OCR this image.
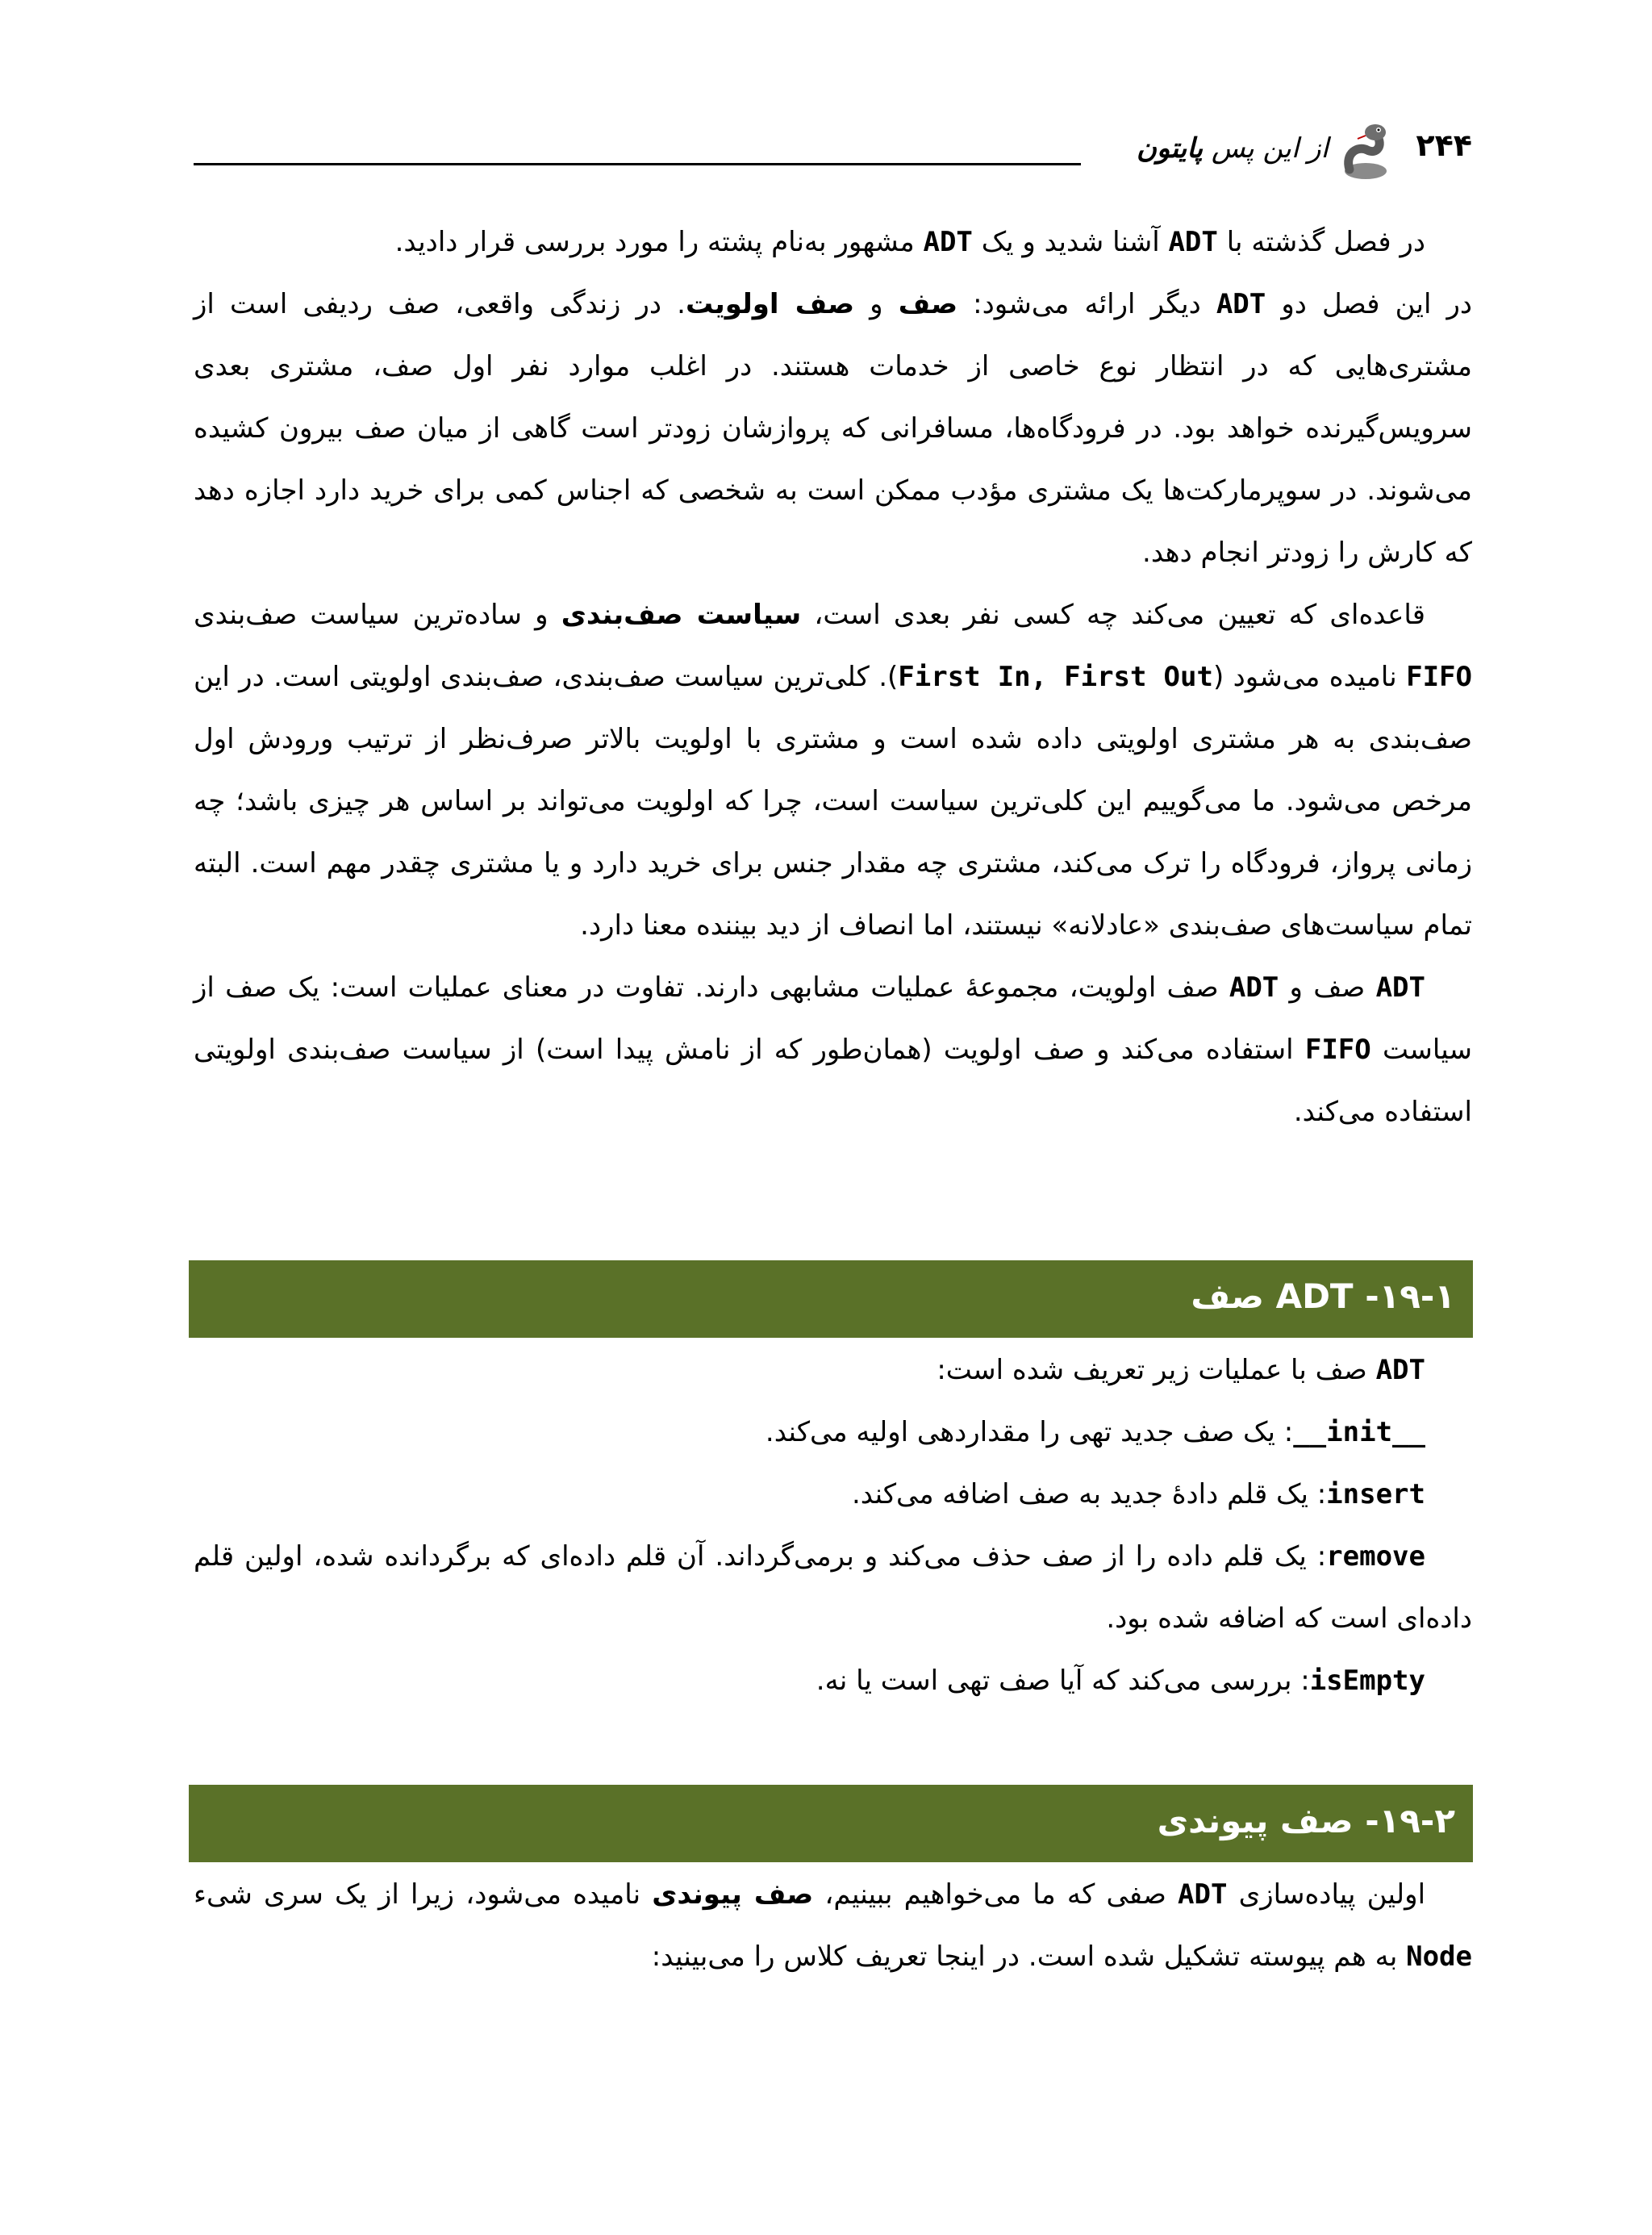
۲۴۴
از این پس پایتون

در فصل گذشته با ADT آشنا شدید و یک ADT مشهور به‌نام پشته را مورد بررسی قرار دادید.

در این فصل دو ADT دیگر ارائه می‌شود: صف و صف اولویت. در زندگی واقعی، صف ردیفی است از مشتری‌هایی که در انتظار نوع خاصی از خدمات هستند. در اغلب موارد نفر اول صف، مشتری بعدی سرویس‌گیرنده خواهد بود. در فرودگاه‌ها، مسافرانی که پروازشان زودتر است گاهی از میان صف بیرون کشیده می‌شوند. در سوپرمارکت‌ها یک مشتری مؤدب ممکن است به شخصی که اجناس کمی برای خرید دارد اجازه دهد که کارش را زودتر انجام دهد.

قاعده‌ای که تعیین می‌کند چه کسی نفر بعدی است، سیاست صف‌بندی و ساده‌ترین سیاست صف‌بندی FIFO نامیده می‌شود (First In, First Out). کلی‌ترین سیاست صف‌بندی، صف‌بندی اولویتی است. در این صف‌بندی به هر مشتری اولویتی داده شده است و مشتری با اولویت بالاتر صرف‌نظر از ترتیب ورودش اول مرخص می‌شود. ما می‌گوییم این کلی‌ترین سیاست است، چرا که اولویت می‌تواند بر اساس هر چیزی باشد؛ چه زمانی پرواز، فرودگاه را ترک می‌کند، مشتری چه مقدار جنس برای خرید دارد و یا مشتری چقدر مهم است. البته تمام سیاست‌های صف‌بندی «عادلانه» نیستند، اما انصاف از دید بیننده معنا دارد.

ADT صف و ADT صف اولویت، مجموعهٔ عملیات مشابهی دارند. تفاوت در معنای عملیات است: یک صف از سیاست FIFO استفاده می‌کند و صف اولویت (همان‌طور که از نامش پیدا است) از سیاست صف‌بندی اولویتی استفاده می‌کند.

۱۹-۱- ADT صف

ADT صف با عملیات زیر تعریف شده است:

__init__: یک صف جدید تهی را مقداردهی اولیه می‌کند.

insert: یک قلم دادهٔ جدید به صف اضافه می‌کند.

remove: یک قلم داده را از صف حذف می‌کند و برمی‌گرداند. آن قلم داده‌ای که برگردانده شده، اولین قلم داده‌ای است که اضافه شده بود.

isEmpty: بررسی می‌کند که آیا صف تهی است یا نه.

۱۹-۲- صف پیوندی

اولین پیاده‌سازی ADT صفی که ما می‌خواهیم ببینیم، صف پیوندی نامیده می‌شود، زیرا از یک سری شیء Node به هم پیوسته تشکیل شده است. در اینجا تعریف کلاس را می‌بینید:
